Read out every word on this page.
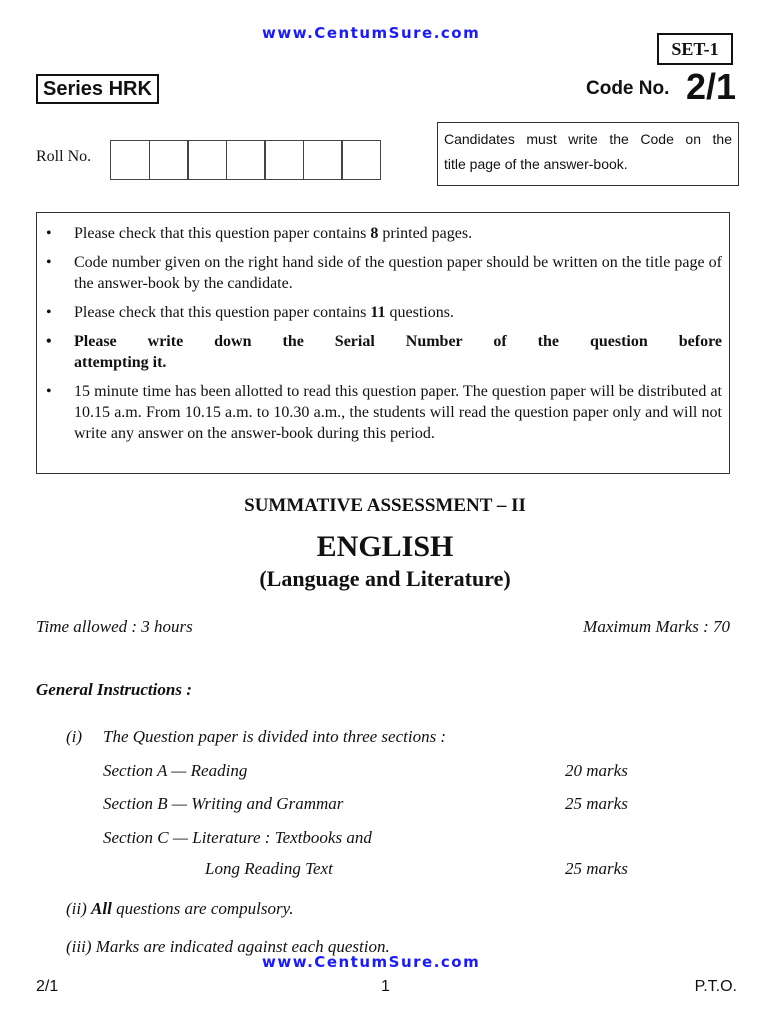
www.CentumSure.com
www.CentumSure.com
SET-1
Series HRK	Code No. 2/1
Roll No.
Candidates must write the Code on the
title page of the answer-book.
• Please check that this question paper contains 8 printed pages.
• Code number given on the right hand side of the question paper should be written on the title page of the answer-book by the candidate.
• Please check that this question paper contains 11 questions.
• Please write down the Serial Number of the question before
attempting it.
• 15 minute time has been allotted to read this question paper. The question paper will be distributed at 10.15 a.m. From 10.15 a.m. to 10.30 a.m., the students will read the question paper only and will not write any answer on the answer-book during this period.
SUMMATIVE ASSESSMENT – II
ENGLISH
(Language and Literature)
Time allowed : 3 hours	Maximum Marks : 70
General Instructions :
(i) The Question paper is divided into three sections :
Section A — Reading	20 marks
Section B — Writing and Grammar	25 marks
Section C — Literature : Textbooks and
Long Reading Text	25 marks
(ii) All questions are compulsory.
(iii) Marks are indicated against each question.
2/1	1	P.T.O.
